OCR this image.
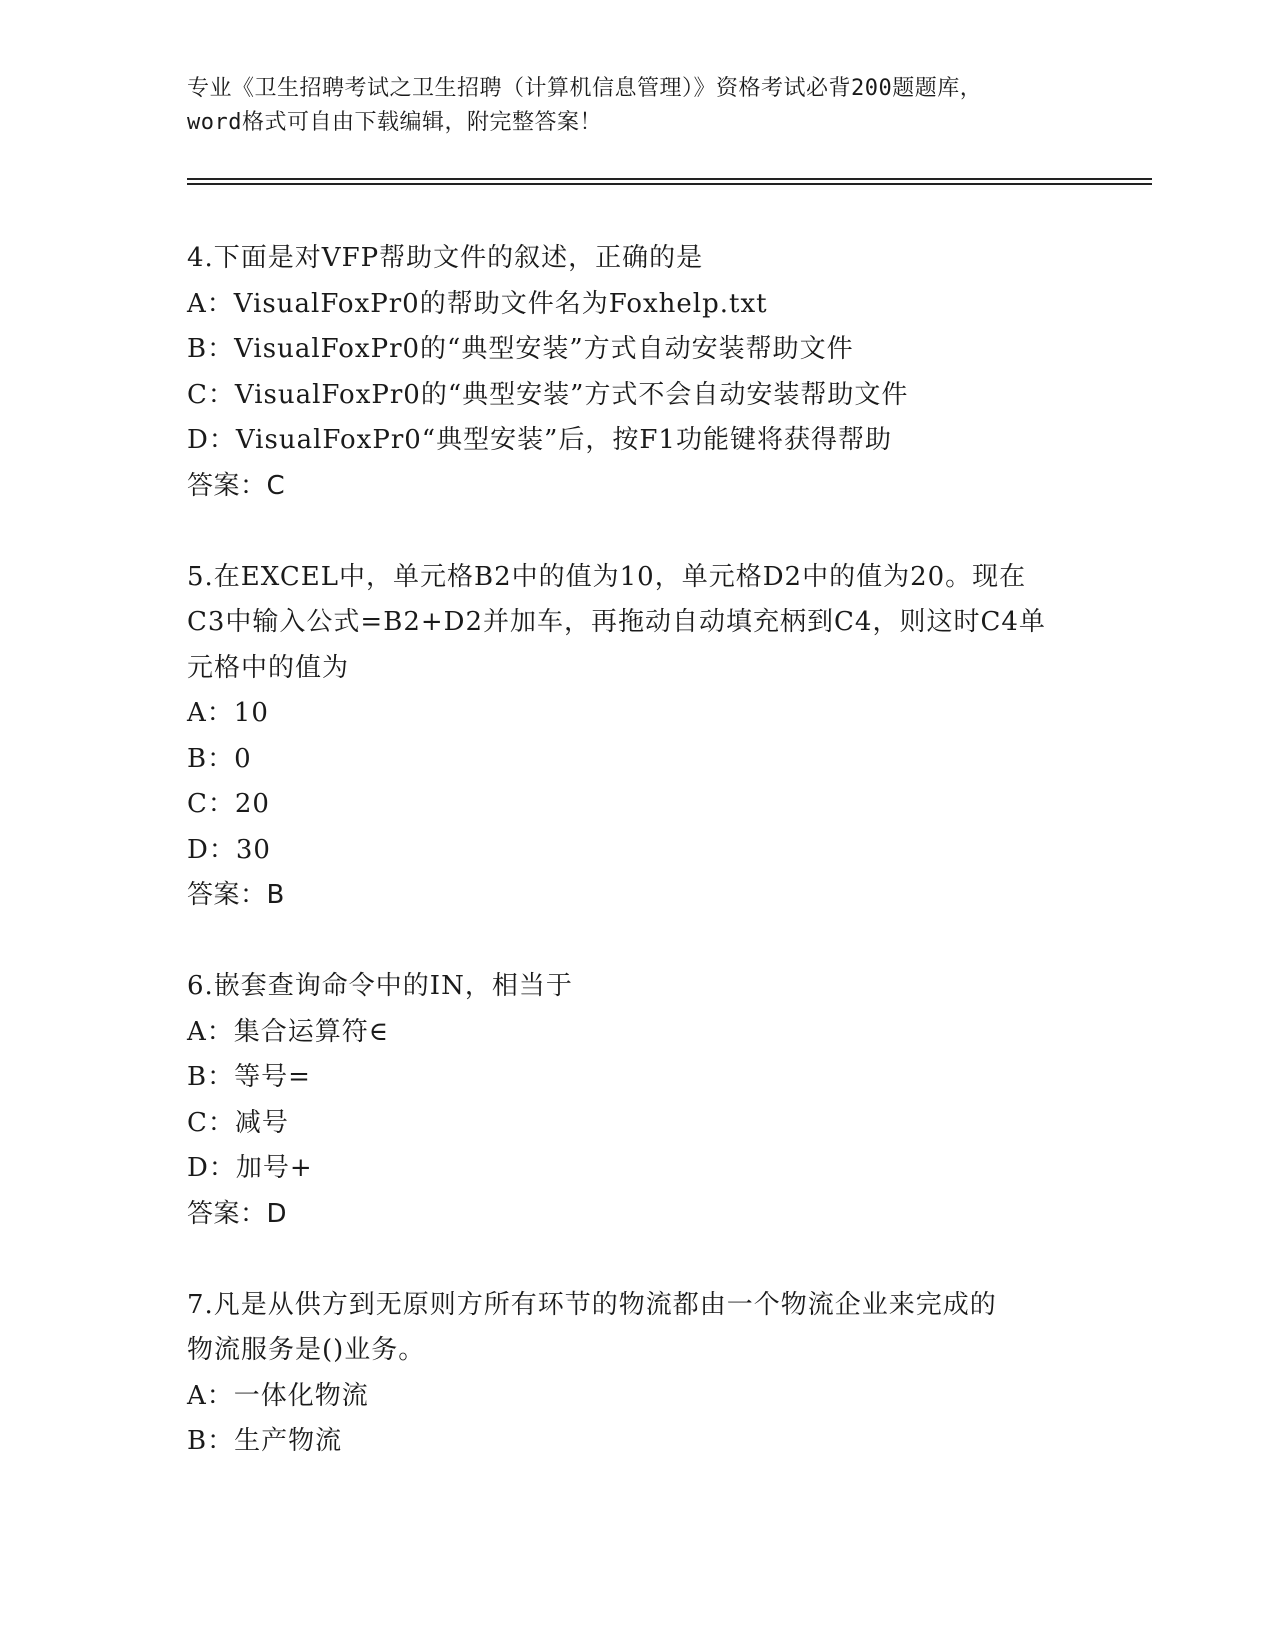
专业《卫生招聘考试之卫生招聘（计算机信息管理）》资格考试必背200题题库，
word格式可自由下载编辑，附完整答案！
4.下面是对VFP帮助文件的叙述，正确的是
A：VisualFoxPr0的帮助文件名为Foxhelp.txt
B：VisualFoxPr0的“典型安装”方式自动安装帮助文件
C：VisualFoxPr0的“典型安装”方式不会自动安装帮助文件
D：VisualFoxPr0“典型安装”后，按F1功能键将获得帮助
答案：C
5.在EXCEL中，单元格B2中的值为10，单元格D2中的值为20。现在
C3中输入公式=B2+D2并加车，再拖动自动填充柄到C4，则这时C4单
元格中的值为
A：10
B：0
C：20
D：30
答案：B
6.嵌套查询命令中的IN，相当于
A：集合运算符∈
B：等号=
C：减号
D：加号+
答案：D
7.凡是从供方到无原则方所有环节的物流都由一个物流企业来完成的
物流服务是()业务。
A：一体化物流
B：生产物流
